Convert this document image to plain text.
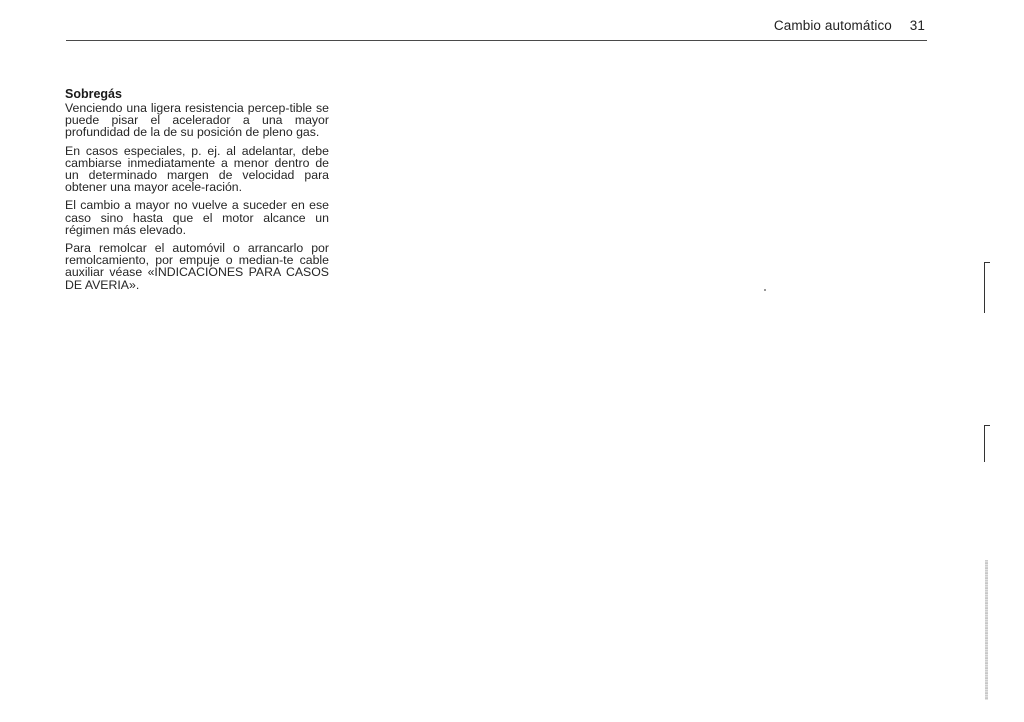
Cambio automático 31
Sobregás

Venciendo una ligera resistencia percep-tible se puede pisar el acelerador a una mayor profundidad de la de su posición de pleno gas.

En casos especiales, p. ej. al adelantar, debe cambiarse inmediatamente a menor dentro de un determinado margen de velocidad para obtener una mayor acele-ración.

El cambio a mayor no vuelve a suceder en ese caso sino hasta que el motor alcance un régimen más elevado.

Para remolcar el automóvil o arrancarlo por remolcamiento, por empuje o median-te cable auxiliar véase «INDICACIONES PARA CASOS DE AVERIA».
